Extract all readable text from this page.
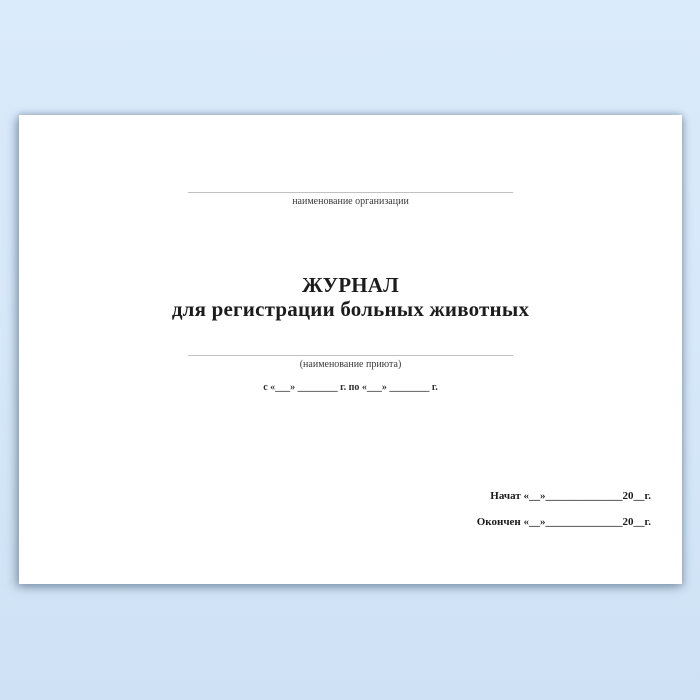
_________________________________________________________________
наименование организации
ЖУРНАЛ
для регистрации больных животных
_________________________________________________________________
(наименование приюта)
с «___» ________ г. по «___» ________ г.
Начат «__»______________20__г.
Окончен «__»______________20__г.
